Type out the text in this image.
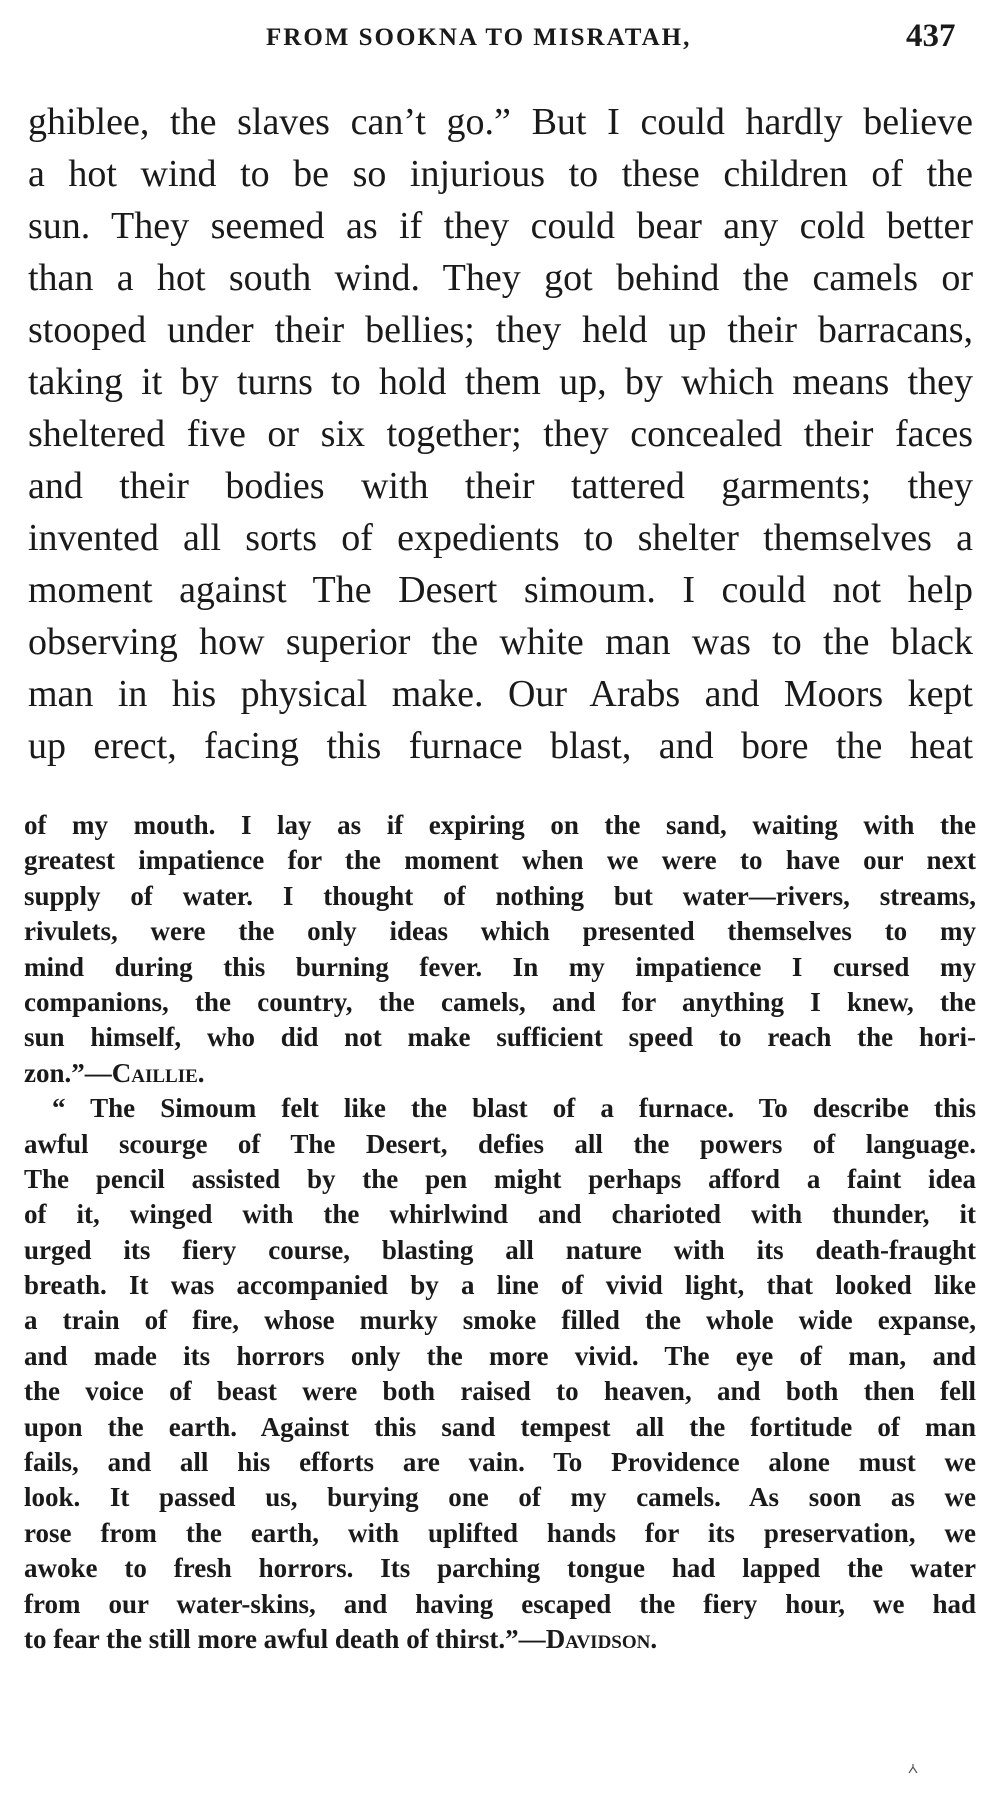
FROM SOOKNA TO MISRATAH,	437
ghiblee, the slaves can’t go.” But I could hardly believe
a hot wind to be so injurious to these children of the
sun. They seemed as if they could bear any cold better
than a hot south wind. They got behind the camels or
stooped under their bellies; they held up their barracans,
taking it by turns to hold them up, by which means they
sheltered five or six together; they concealed their faces
and their bodies with their tattered garments; they
invented all sorts of expedients to shelter themselves a
moment against The Desert simoum. I could not help
observing how superior the white man was to the black
man in his physical make. Our Arabs and Moors kept
up erect, facing this furnace blast, and bore the heat
of my mouth. I lay as if expiring on the sand, waiting with the
greatest impatience for the moment when we were to have our next
supply of water. I thought of nothing but water—rivers, streams,
rivulets, were the only ideas which presented themselves to my
mind during this burning fever. In my impatience I cursed my
companions, the country, the camels, and for anything I knew, the
sun himself, who did not make sufficient speed to reach the hori-
zon.”—Caillie.
“ The Simoum felt like the blast of a furnace. To describe this
awful scourge of The Desert, defies all the powers of language.
The pencil assisted by the pen might perhaps afford a faint idea
of it, winged with the whirlwind and charioted with thunder, it
urged its fiery course, blasting all nature with its death-fraught
breath. It was accompanied by a line of vivid light, that looked like
a train of fire, whose murky smoke filled the whole wide expanse,
and made its horrors only the more vivid. The eye of man, and
the voice of beast were both raised to heaven, and both then fell
upon the earth. Against this sand tempest all the fortitude of man
fails, and all his efforts are vain. To Providence alone must we
look. It passed us, burying one of my camels. As soon as we
rose from the earth, with uplifted hands for its preservation, we
awoke to fresh horrors. Its parching tongue had lapped the water
from our water-skins, and having escaped the fiery hour, we had
to fear the still more awful death of thirst.”—Davidson.
